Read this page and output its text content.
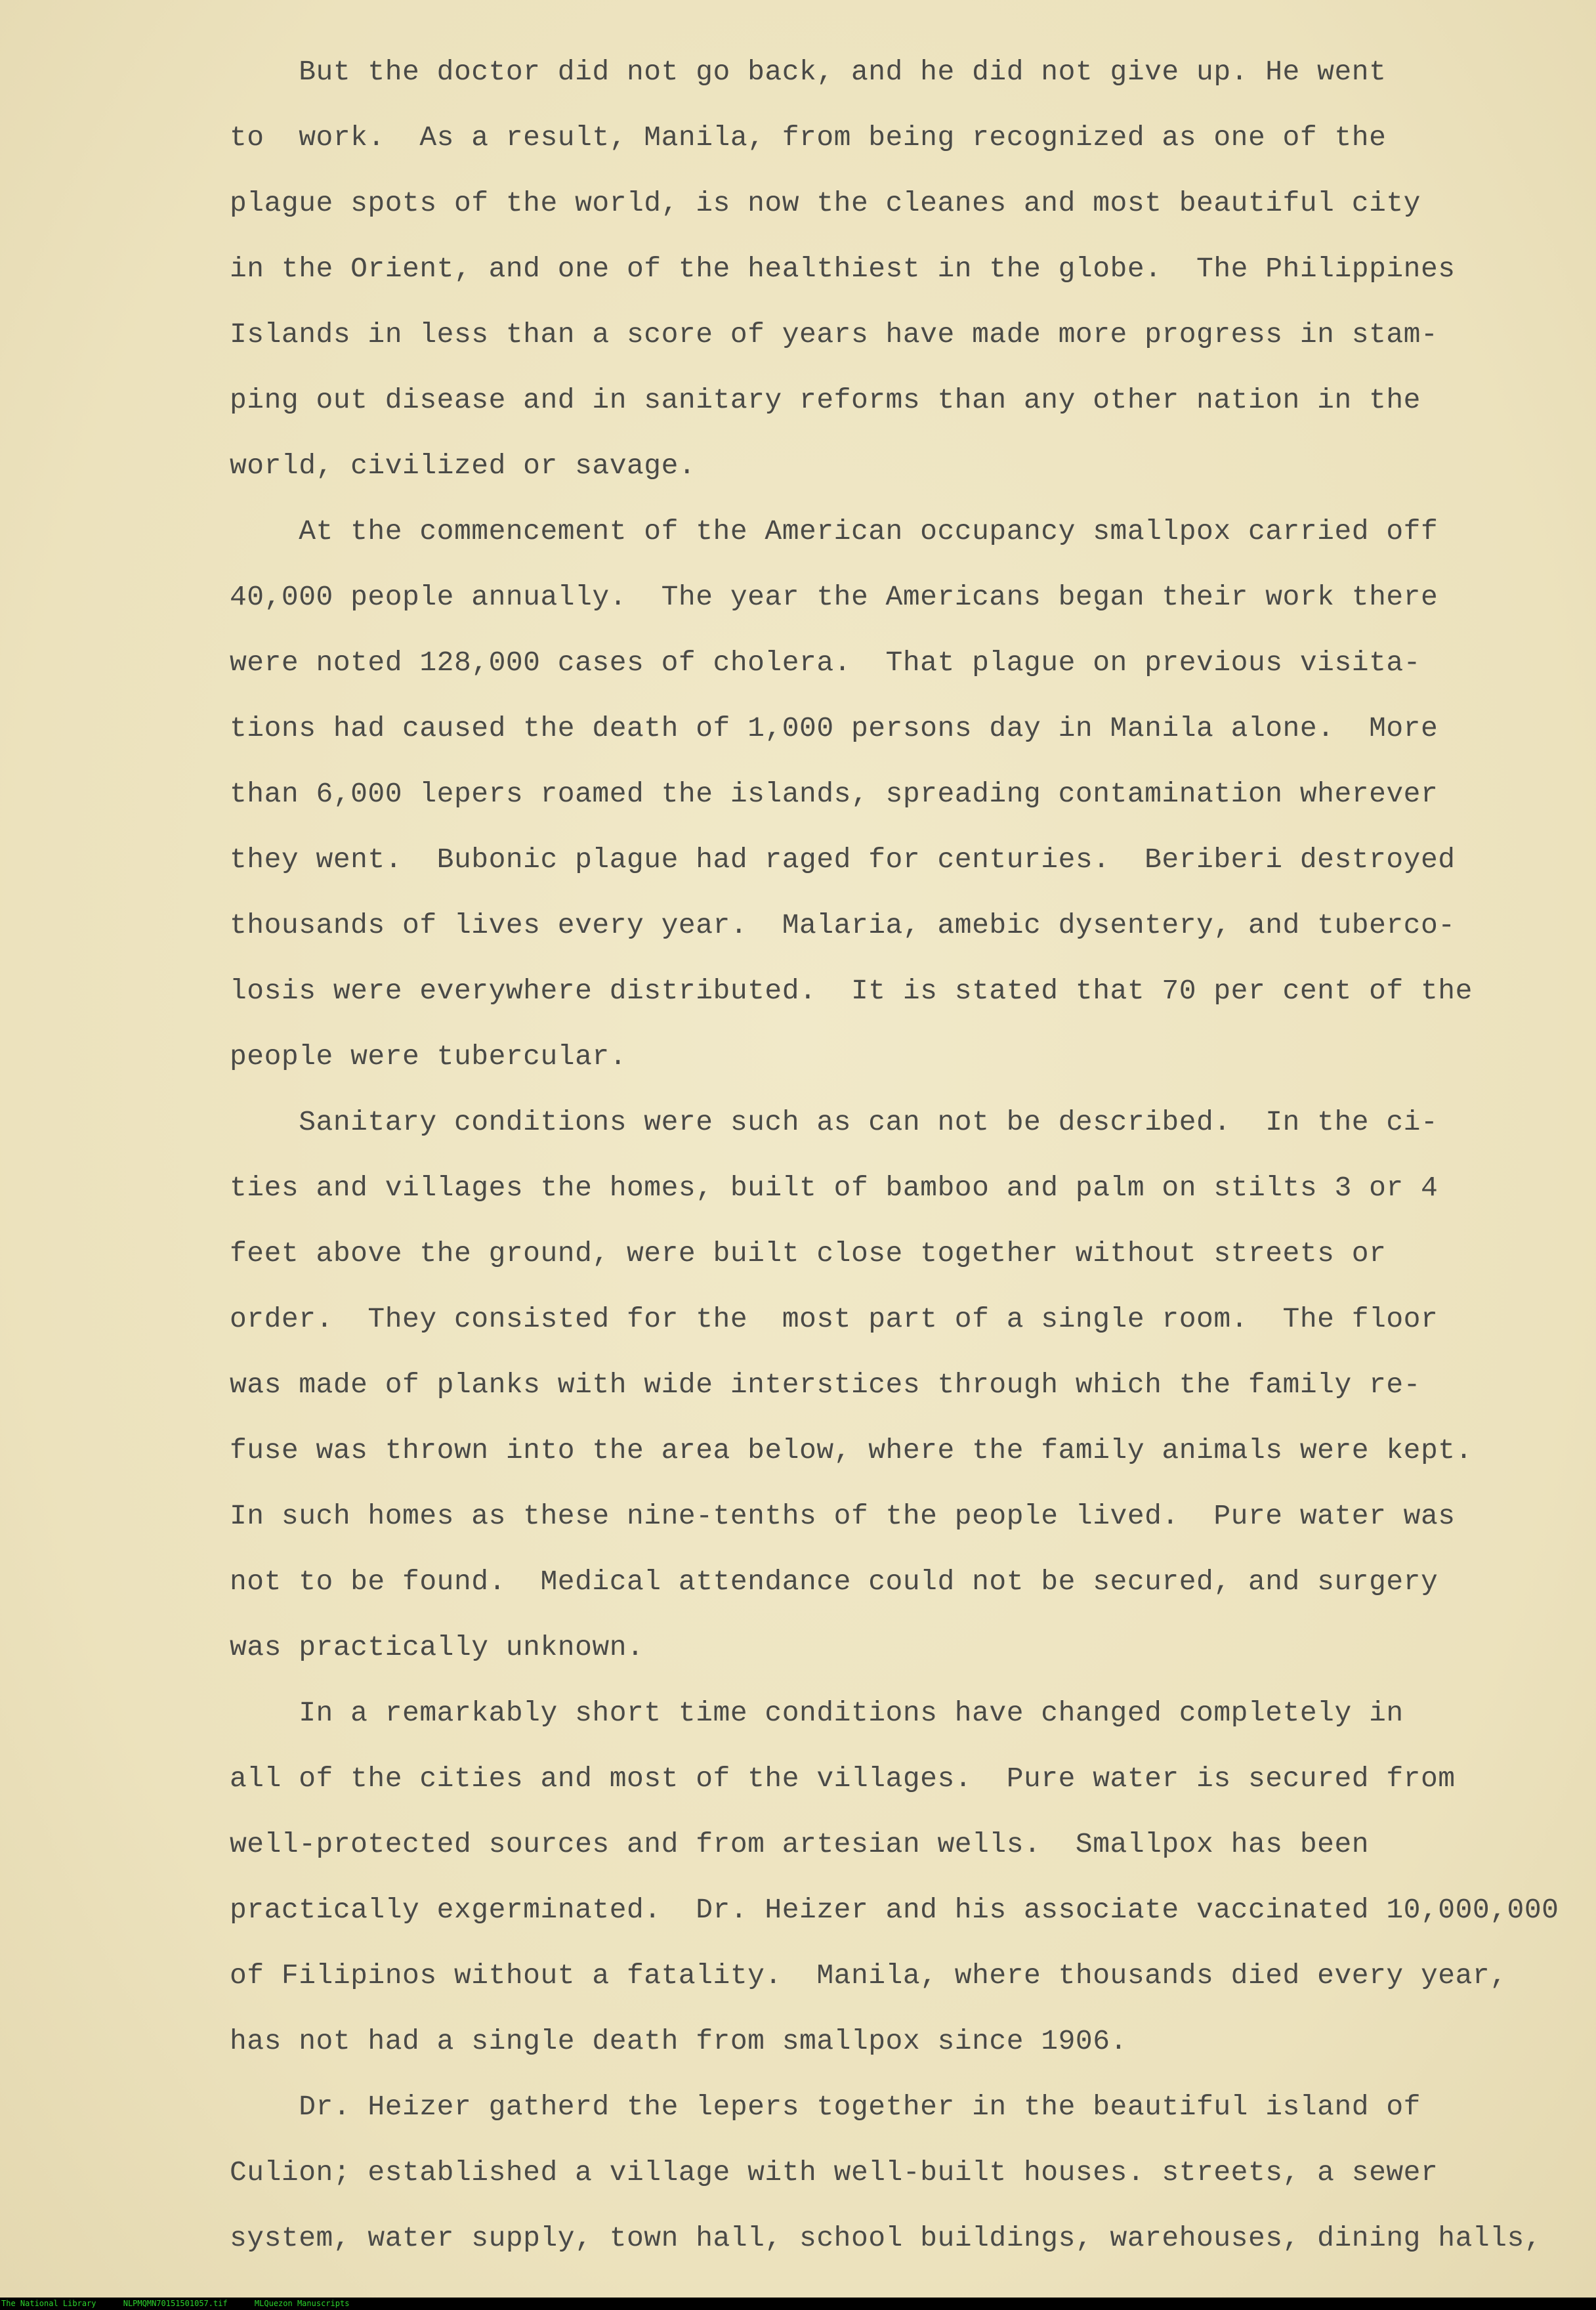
But the doctor did not go back, and he did not give up. He went
to  work.  As a result, Manila, from being recognized as one of the
plague spots of the world, is now the cleanes and most beautiful city
in the Orient, and one of the healthiest in the globe.  The Philippines
Islands in less than a score of years have made more progress in stam-
ping out disease and in sanitary reforms than any other nation in the
world, civilized or savage.
At the commencement of the American occupancy smallpox carried off
40,000 people annually.  The year the Americans began their work there
were noted 128,000 cases of cholera.  That plague on previous visita-
tions had caused the death of 1,000 persons day in Manila alone.  More
than 6,000 lepers roamed the islands, spreading contamination wherever
they went.  Bubonic plague had raged for centuries.  Beriberi destroyed
thousands of lives every year.  Malaria, amebic dysentery, and tuberco-
losis were everywhere distributed.  It is stated that 70 per cent of the
people were tubercular.
Sanitary conditions were such as can not be described.  In the ci-
ties and villages the homes, built of bamboo and palm on stilts 3 or 4
feet above the ground, were built close together without streets or
order.  They consisted for the  most part of a single room.  The floor
was made of planks with wide interstices through which the family re-
fuse was thrown into the area below, where the family animals were kept.
In such homes as these nine-tenths of the people lived.  Pure water was
not to be found.  Medical attendance could not be secured, and surgery
was practically unknown.
In a remarkably short time conditions have changed completely in
all of the cities and most of the villages.  Pure water is secured from
well-protected sources and from artesian wells.  Smallpox has been
practically exgerminated.  Dr. Heizer and his associate vaccinated 10,000,000
of Filipinos without a fatality.  Manila, where thousands died every year,
has not had a single death from smallpox since 1906.
Dr. Heizer gatherd the lepers together in the beautiful island of
Culion; established a village with well-built houses. streets, a sewer
system, water supply, town hall, school buildings, warehouses, dining halls,
The National Library	NLPMQMN70151501057.tif	MLQuezon Manuscripts
